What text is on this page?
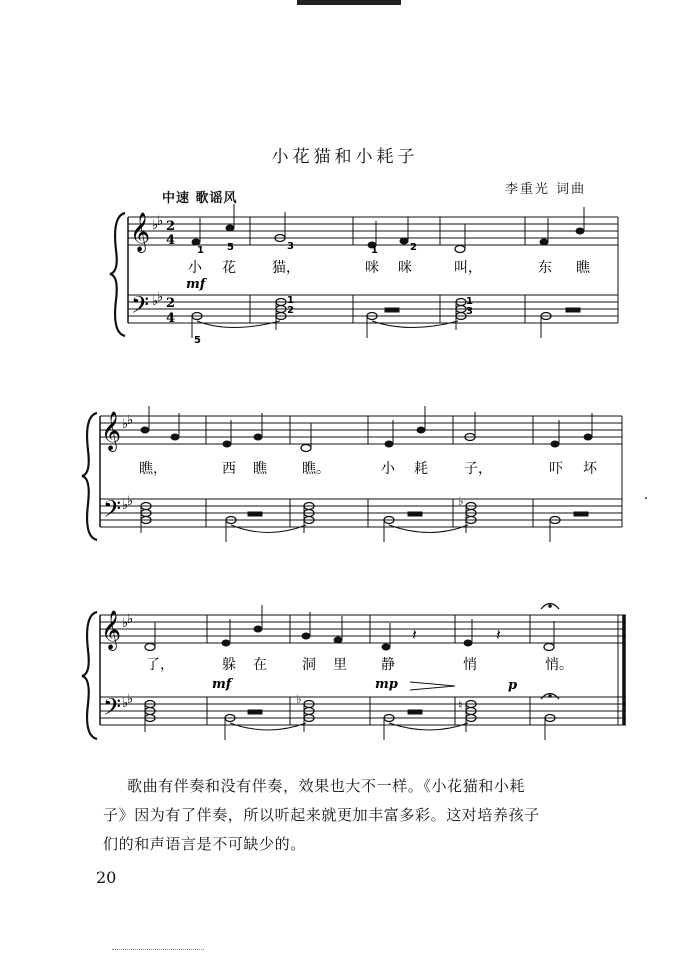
小花猫和小耗子
李重光 词曲
中速 歌谣风
𝄞
𝄢
♭
♭ 2
4
♭
♭ 2
4
1 5	3	1	2
1
2
1
3
5
小 花	猫，	咪 咪	叫，	东 瞧
mf
𝄞
𝄢
♭
♭
♭
♭	♭
瞧，	西 瞧	瞧。	小 耗	子，	吓 坏
𝄞
𝄢
♭
♭
♭
♭
𝄽	𝄽
♭	♮
了，	躲 在	洞 里 静	悄	悄。
mf	mp	p

歌曲有伴奏和没有伴奏，效果也大不一样。《小花猫和小耗

子》因为有了伴奏，所以听起来就更加丰富多彩。这对培养孩子

们的和声语言是不可缺少的。

20
